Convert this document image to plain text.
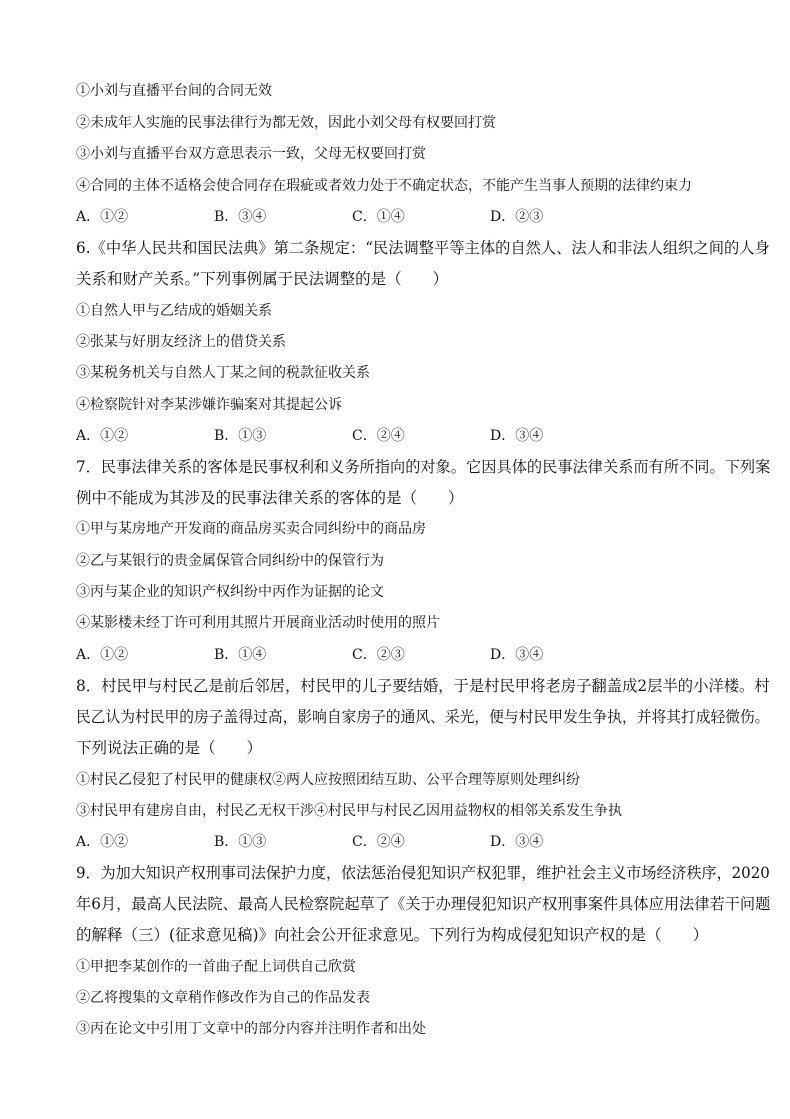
①小刘与直播平台间的合同无效
②未成年人实施的民事法律行为都无效，因此小刘父母有权要回打赏
③小刘与直播平台双方意思表示一致，父母无权要回打赏
④合同的主体不适格会使合同存在瑕疵或者效力处于不确定状态，不能产生当事人预期的法律约束力
A．①②	B．③④	C．①④	D．②③
6.《中华人民共和国民法典》第二条规定：“民法调整平等主体的自然人、法人和非法人组织之间的人身
关系和财产关系。”下列事例属于民法调整的是（　　）
①自然人甲与乙结成的婚姻关系
②张某与好朋友经济上的借贷关系
③某税务机关与自然人丁某之间的税款征收关系
④检察院针对李某涉嫌诈骗案对其提起公诉
A．①②	B．①③	C．②④	D．③④
7．民事法律关系的客体是民事权利和义务所指向的对象。它因具体的民事法律关系而有所不同。下列案
例中不能成为其涉及的民事法律关系的客体的是（　　）
①甲与某房地产开发商的商品房买卖合同纠纷中的商品房
②乙与某银行的贵金属保管合同纠纷中的保管行为
③丙与某企业的知识产权纠纷中丙作为证据的论文
④某影楼未经丁许可利用其照片开展商业活动时使用的照片
A．①②	B．①④	C．②③	D．③④
8．村民甲与村民乙是前后邻居，村民甲的儿子要结婚，于是村民甲将老房子翻盖成2层半的小洋楼。村
民乙认为村民甲的房子盖得过高，影响自家房子的通风、采光，便与村民甲发生争执，并将其打成轻微伤。
下列说法正确的是（　　）
①村民乙侵犯了村民甲的健康权②两人应按照团结互助、公平合理等原则处理纠纷
③村民甲有建房自由，村民乙无权干涉④村民甲与村民乙因用益物权的相邻关系发生争执
A．①②	B．①③	C．②④	D．③④
9．为加大知识产权刑事司法保护力度，依法惩治侵犯知识产权犯罪，维护社会主义市场经济秩序，2020
年6月，最高人民法院、最高人民检察院起草了《关于办理侵犯知识产权刑事案件具体应用法律若干问题
的解释（三）(征求意见稿)》向社会公开征求意见。下列行为构成侵犯知识产权的是（　　）
①甲把李某创作的一首曲子配上词供自己欣赏
②乙将搜集的文章稍作修改作为自己的作品发表
③丙在论文中引用丁文章中的部分内容并注明作者和出处
